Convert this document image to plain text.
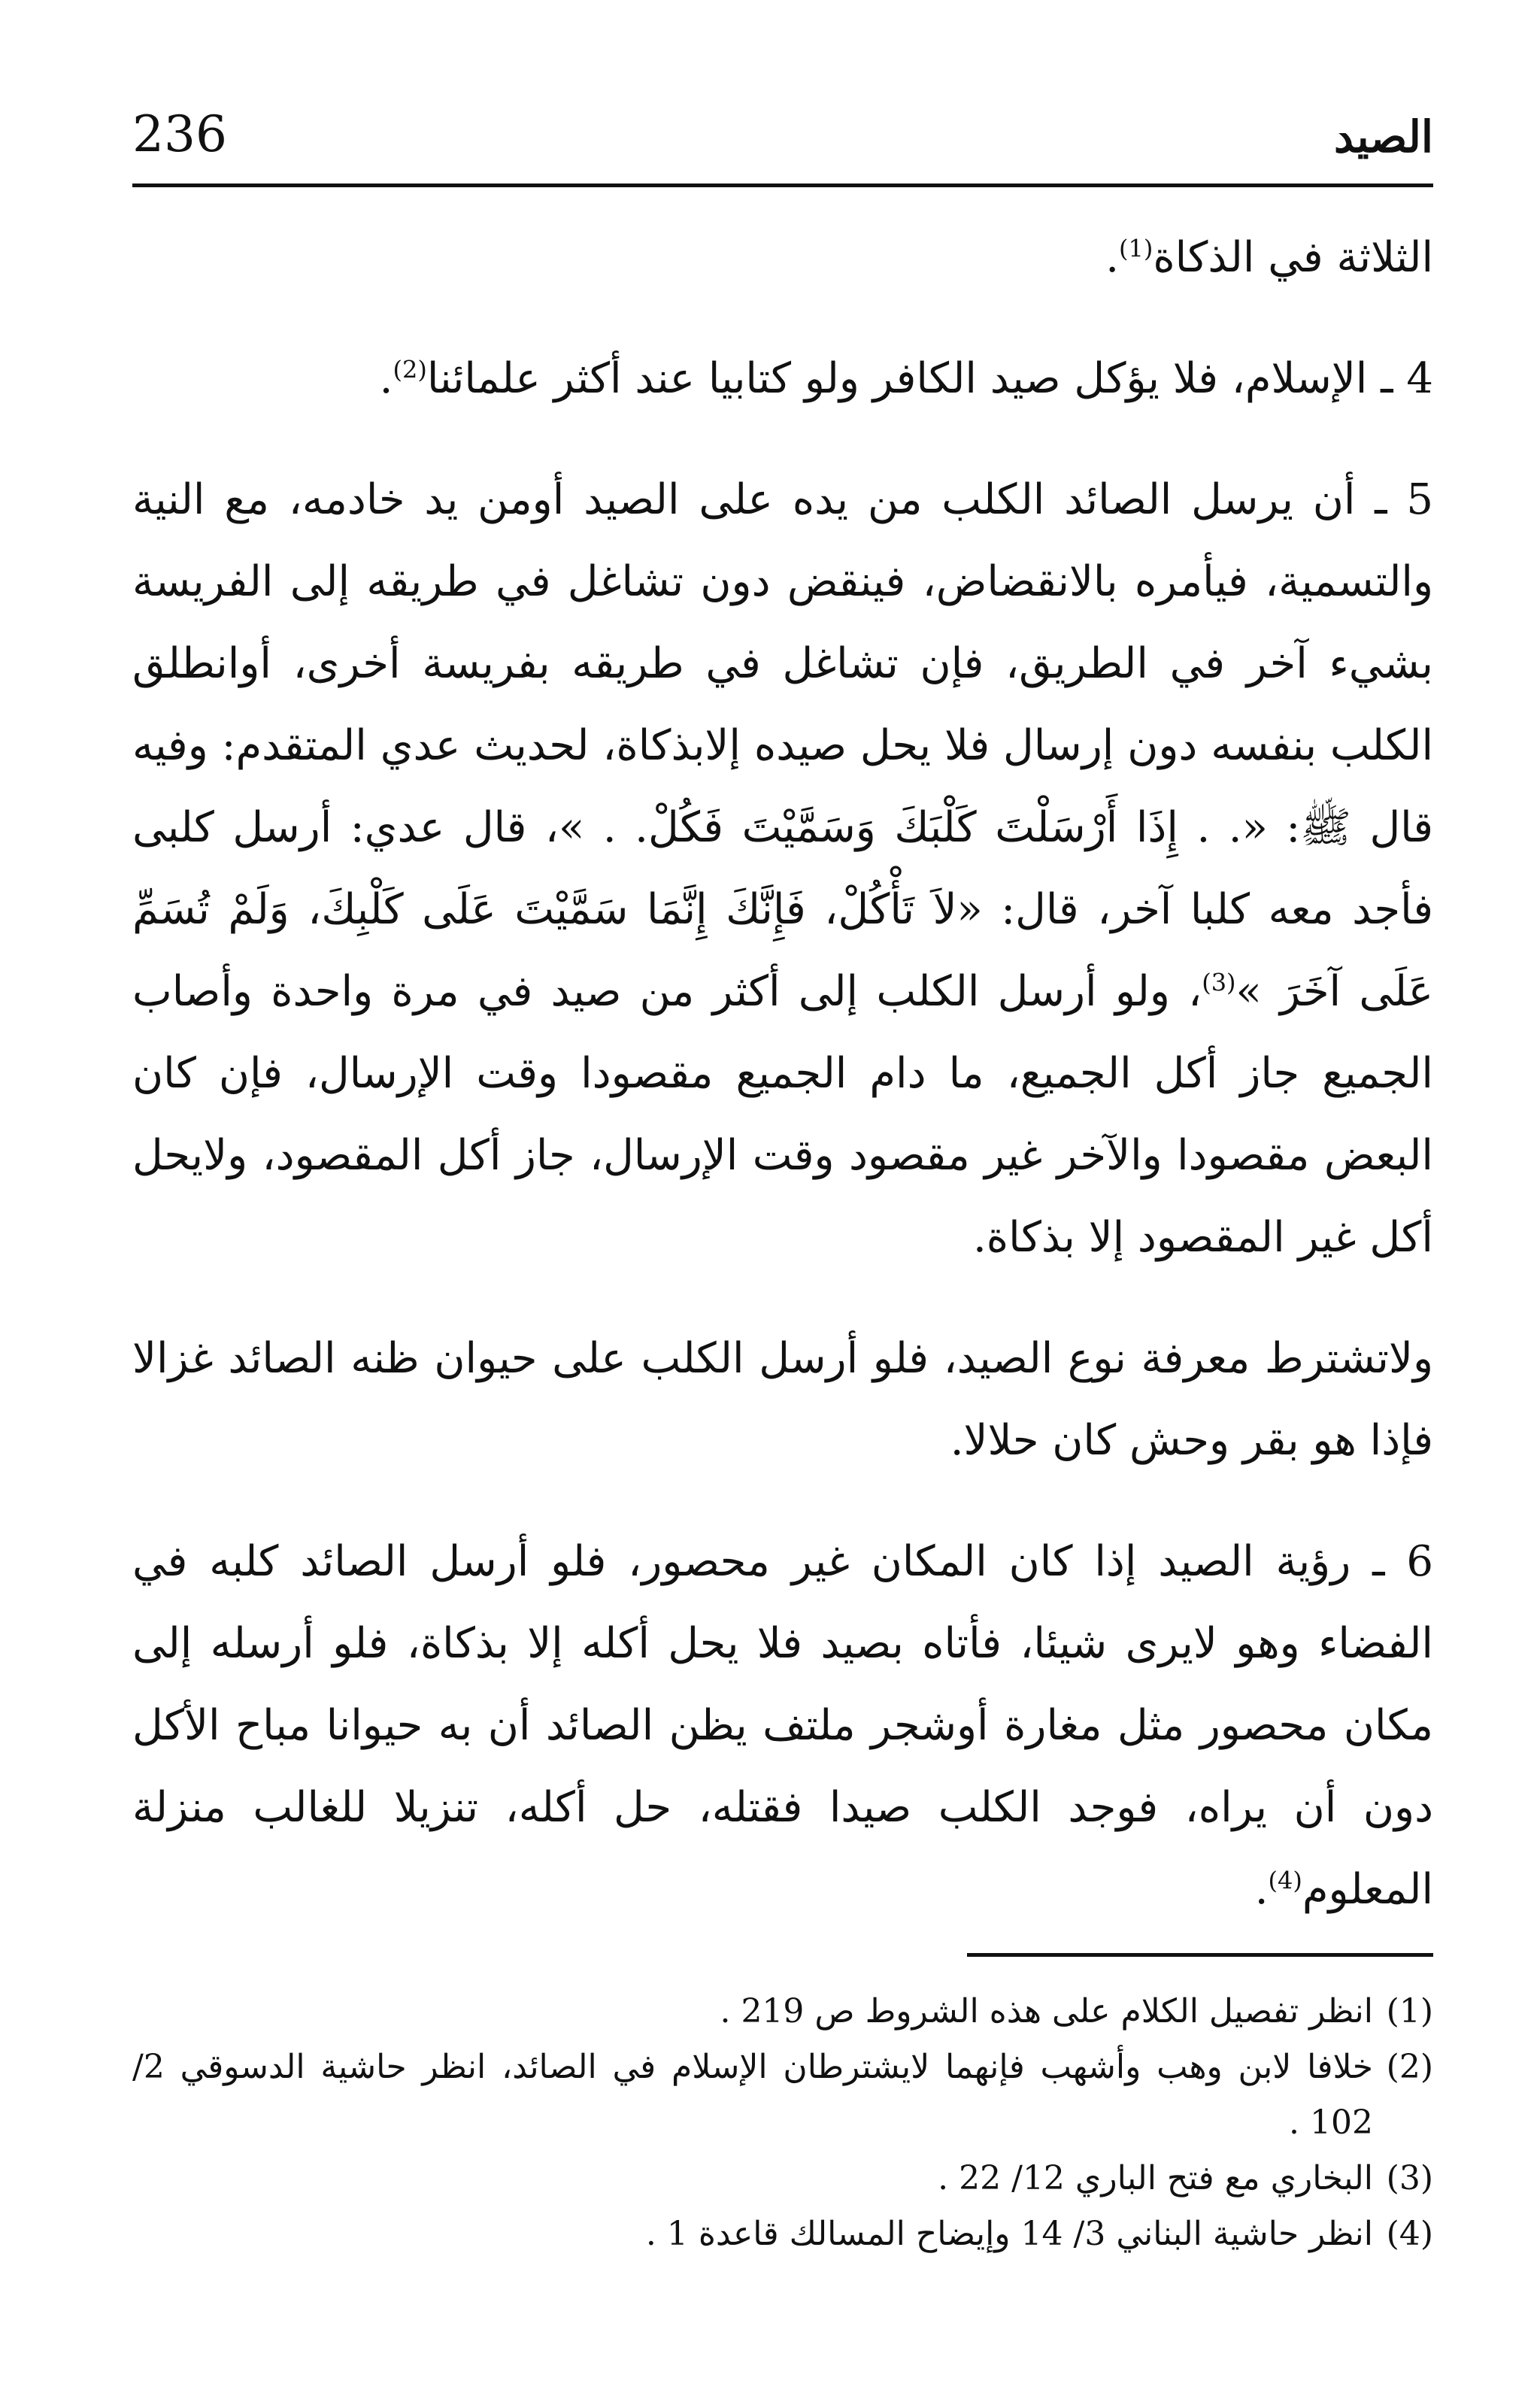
الصيد
236

الثلاثة في الذكاة$^{(1)}$.

4 ـ الإسلام، فلا يؤكل صيد الكافر ولو كتابيا عند أكثر علمائنا$^{(2)}$.

5 ـ أن يرسل الصائد الكلب من يده على الصيد أومن يد خادمه، مع النية والتسمية، فيأمره بالانقضاض، فينقض دون تشاغل في طريقه إلى الفريسة بشيء آخر في الطريق، فإن تشاغل في طريقه بفريسة أخرى، أوانطلق الكلب بنفسه دون إرسال فلا يحل صيده إلابذكاة، لحديث عدي المتقدم: وفيه قال ﷺ: «. . إِذَا أَرْسَلْتَ كَلْبَكَ وَسَمَّيْتَ فَكُلْ. . »، قال عدي: أرسل كلبى فأجد معه كلبا آخر، قال: «لاَ تَأْكُلْ، فَإِنَّكَ إِنَّمَا سَمَّيْتَ عَلَى كَلْبِكَ، وَلَمْ تُسَمِّ عَلَى آخَرَ »$^{(3)}$، ولو أرسل الكلب إلى أكثر من صيد في مرة واحدة وأصاب الجميع جاز أكل الجميع، ما دام الجميع مقصودا وقت الإرسال، فإن كان البعض مقصودا والآخر غير مقصود وقت الإرسال، جاز أكل المقصود، ولايحل أكل غير المقصود إلا بذكاة.

ولاتشترط معرفة نوع الصيد، فلو أرسل الكلب على حيوان ظنه الصائد غزالا فإذا هو بقر وحش كان حلالا.

6 ـ رؤية الصيد إذا كان المكان غير محصور، فلو أرسل الصائد كلبه في الفضاء وهو لايرى شيئا، فأتاه بصيد فلا يحل أكله إلا بذكاة، فلو أرسله إلى مكان محصور مثل مغارة أوشجر ملتف يظن الصائد أن به حيوانا مباح الأكل دون أن يراه، فوجد الكلب صيدا فقتله، حل أكله، تنزيلا للغالب منزلة المعلوم$^{(4)}$.

(1)
انظر تفصيل الكلام على هذه الشروط ص 219 .
(2)
خلافا لابن وهب وأشهب فإنهما لايشترطان الإسلام في الصائد، انظر حاشية الدسوقي 2/ 102 .
(3)
البخاري مع فتح الباري 12/ 22 .
(4)
انظر حاشية البناني 3/ 14 وإيضاح المسالك قاعدة 1 .
